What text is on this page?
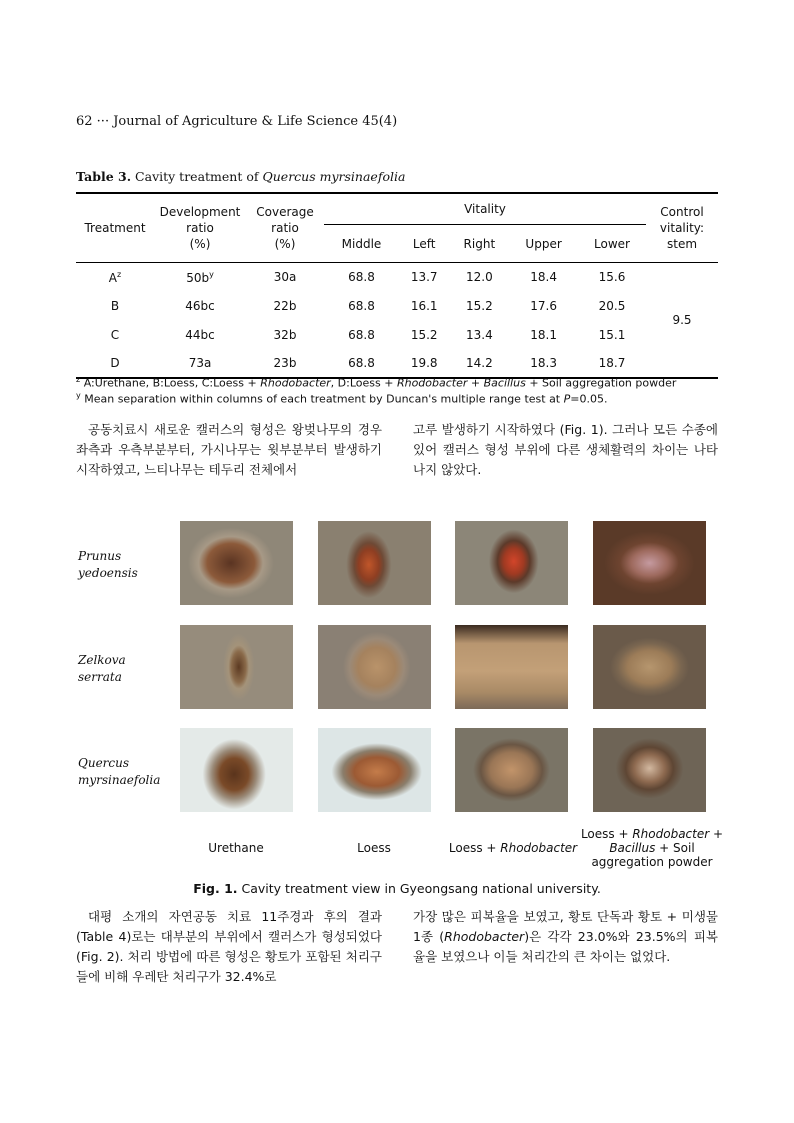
62 ··· Journal of Agriculture & Life Science 45(4)
Table 3. Cavity treatment of Quercus myrsinaefolia
Treatment	Development
ratio
(%)	Coverage
ratio
(%)	Vitality					Control
vitality:
stem
			Middle	Left	Right	Upper	Lower	
$A^z$	$50b^y$	30a	68.8	13.7	12.0	18.4	15.6	9.5
B	46bc	22b	68.8	16.1	15.2	17.6	20.5	
C	44bc	32b	68.8	15.2	13.4	18.1	15.1	
D	73a	23b	68.8	19.8	14.2	18.3	18.7	
$^z$ A:Urethane, B:Loess, C:Loess + Rhodobacter, D:Loess + Rhodobacter + Bacillus + Soil aggregation powder
$^y$ Mean separation within columns of each treatment by Duncan's multiple range test at P=0.05.
공동치료시 새로운 캘러스의 형성은 왕벚나무의 경우 좌측과 우측부분부터, 가시나무는 윗부분부터 발생하기 시작하였고, 느티나무는 테두리 전체에서
고루 발생하기 시작하였다 (Fig. 1). 그러나 모든 수종에 있어 캘러스 형성 부위에 다른 생체활력의 차이는 나타나지 않았다.
Prunus
yedoensis
Zelkova
serrata
Quercus
myrsinaefolia
Urethane	Loess	Loess + Rhodobacter
Loess + Rhodobacter +
Bacillus + Soil
aggregation powder
Fig. 1. Cavity treatment view in Gyeongsang national university.
대평 소개의 자연공동 치료 11주경과 후의 결과 (Table 4)로는 대부분의 부위에서 캘러스가 형성되었다 (Fig. 2). 처리 방법에 따른 형성은 황토가 포함된 처리구들에 비해 우레탄 처리구가 32.4%로
가장 많은 피복율을 보였고, 황토 단독과 황토 + 미생물1종 (Rhodobacter)은 각각 23.0%와 23.5%의 피복율을 보였으나 이들 처리간의 큰 차이는 없었다.
